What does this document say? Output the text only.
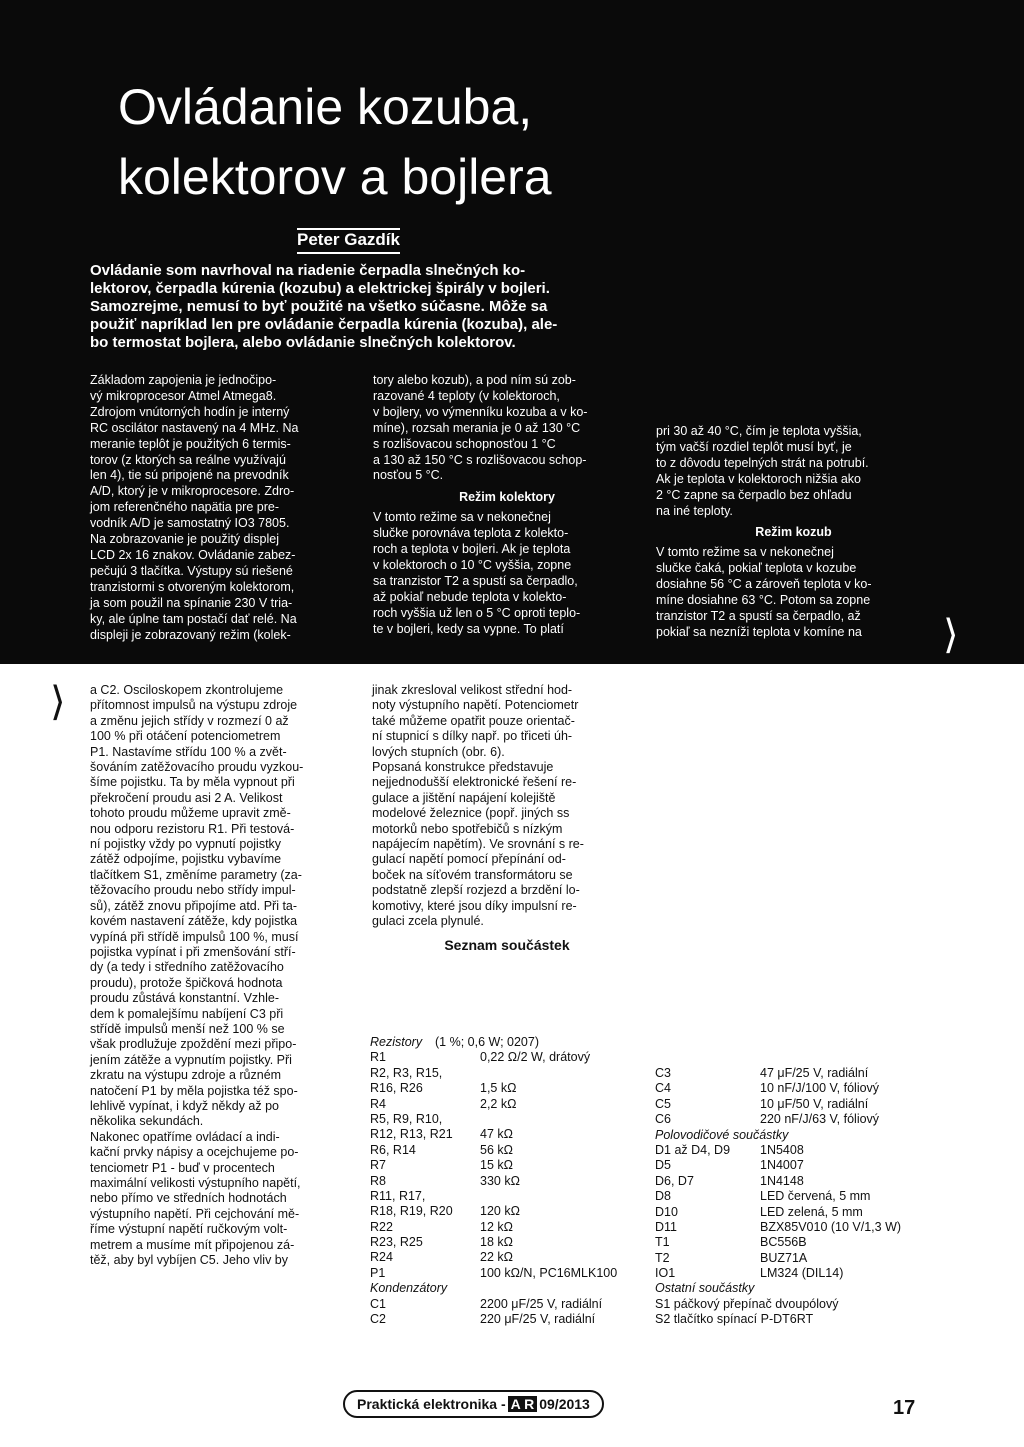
Ovládanie kozuba,
kolektorov a bojlera
Peter Gazdík
Ovládanie som navrhoval na riadenie čerpadla slnečných ko-
lektorov, čerpadla kúrenia (kozubu) a elektrickej špirály v bojleri.
Samozrejme, nemusí to byť použité na všetko súčasne. Môže sa
použiť napríklad len pre ovládanie čerpadla kúrenia (kozuba), ale-
bo termostat bojlera, alebo ovládanie slnečných kolektorov.
Základom zapojenia je jednočipo-
vý mikroprocesor Atmel Atmega8.
Zdrojom vnútorných hodín je interný
RC oscilátor nastavený na 4 MHz. Na
meranie teplôt je použitých 6 termis-
torov (z ktorých sa reálne využívajú
len 4), tie sú pripojené na prevodník
A/D, ktorý je v mikroprocesore. Zdro-
jom referenčného napätia pre pre-
vodník A/D je samostatný IO3 7805.
Na zobrazovanie je použitý displej
LCD 2x 16 znakov. Ovládanie zabez-
pečujú 3 tlačítka. Výstupy sú riešené
tranzistormi s otvoreným kolektorom,
ja som použil na spínanie 230 V tria-
ky, ale úplne tam postačí dať relé. Na
displeji je zobrazovaný režim (kolek-
tory alebo kozub), a pod ním sú zob-
razované 4 teploty (v kolektoroch,
v bojlery, vo výmenníku kozuba a v ko-
míne), rozsah merania je 0 až 130 °C
s rozlišovacou schopnosťou 1 °C
a 130 až 150 °C s rozlišovacou schop-
nosťou 5 °C.
Režim kolektory
V tomto režime sa v nekonečnej
slučke porovnáva teplota z kolekto-
roch a teplota v bojleri. Ak je teplota
v kolektoroch o 10 °C vyššia, zopne
sa tranzistor T2 a spustí sa čerpadlo,
až pokiaľ nebude teplota v kolekto-
roch vyššia už len o 5 °C oproti teplo-
te v bojleri, kedy sa vypne. To platí
pri 30 až 40 °C, čím je teplota vyššia,
tým vačší rozdiel teplôt musí byť, je
to z dôvodu tepelných strát na potrubí.
Ak je teplota v kolektoroch nižšia ako
2 °C zapne sa čerpadlo bez ohľadu
na iné teploty.
Režim kozub
V tomto režime sa v nekonečnej
slučke čaká, pokiaľ teplota v kozube
dosiahne 56 °C a zároveň teplota v ko-
míne dosiahne 63 °C. Potom sa zopne
tranzistor T2 a spustí sa čerpadlo, až
pokiaľ sa nezníži teplota v komíne na	⟩
⟩ a C2. Osciloskopem zkontrolujeme
přítomnost impulsů na výstupu zdroje
a změnu jejich střídy v rozmezí 0 až
100 % při otáčení potenciometrem
P1. Nastavíme střídu 100 % a zvět-
šováním zatěžovacího proudu vyzkou-
šíme pojistku. Ta by měla vypnout při
překročení proudu asi 2 A. Velikost
tohoto proudu můžeme upravit změ-
nou odporu rezistoru R1. Při testová-
ní pojistky vždy po vypnutí pojistky
zátěž odpojíme, pojistku vybavíme
tlačítkem S1, změníme parametry (za-
těžovacího proudu nebo střídy impul-
sů), zátěž znovu připojíme atd. Při ta-
kovém nastavení zátěže, kdy pojistka
vypíná při střídě impulsů 100 %, musí
pojistka vypínat i při zmenšování stří-
dy (a tedy i středního zatěžovacího
proudu), protože špičková hodnota
proudu zůstává konstantní. Vzhle-
dem k pomalejšímu nabíjení C3 při
střídě impulsů menší než 100 % se
však prodlužuje zpoždění mezi připo-
jením zátěže a vypnutím pojistky. Při
zkratu na výstupu zdroje a různém
natočení P1 by měla pojistka též spo-
lehlivě vypínat, i když někdy až po
několika sekundách.
Nakonec opatříme ovládací a indi-
kační prvky nápisy a ocejchujeme po-
tenciometr P1 - buď v procentech
maximální velikosti výstupního napětí,
nebo přímo ve středních hodnotách
výstupního napětí. Při cejchování mě-
říme výstupní napětí ručkovým volt-
metrem a musíme mít připojenou zá-
těž, aby byl vybíjen C5. Jeho vliv by
jinak zkresloval velikost střední hod-
noty výstupního napětí. Potenciometr
také můžeme opatřit pouze orientač-
ní stupnicí s dílky např. po třiceti úh-
lových stupních (obr. 6).
Popsaná konstrukce představuje
nejjednodušší elektronické řešení re-
gulace a jištění napájení kolejiště
modelové železnice (popř. jiných ss
motorků nebo spotřebičů s nízkým
napájecím napětím). Ve srovnání s re-
gulací napětí pomocí přepínání od-
boček na síťovém transformátoru se
podstatně zlepší rozjezd a brzdění lo-
komotivy, které jsou díky impulsní re-
gulaci zcela plynulé.
Seznam součástek
Rezistory (1 %; 0,6 W; 0207)
R1	0,22 Ω/2 W, drátový
R2, R3, R15,
R16, R26	1,5 kΩ
R4	2,2 kΩ
R5, R9, R10,
R12, R13, R21 47 kΩ
R6, R14	56 kΩ
R7	15 kΩ
R8	330 kΩ
R11, R17,
R18, R19, R20 120 kΩ
R22	12 kΩ
R23, R25	18 kΩ
R24	22 kΩ
P1	100 kΩ/N, PC16MLK100
Kondenzátory
C1	2200 μF/25 V, radiální
C2	220 μF/25 V, radiální
C3	47 μF/25 V, radiální
C4	10 nF/J/100 V, fóliový
C5	10 μF/50 V, radiální
C6	220 nF/J/63 V, fóliový
Polovodičové součástky
D1 až D4, D9 1N5408
D5	1N4007
D6, D7	1N4148
D8	LED červená, 5 mm
D10	LED zelená, 5 mm
D11	BZX85V010 (10 V/1,3 W)
T1	BC556B
T2	BUZ71A
IO1	LM324 (DIL14)
Ostatní součástky
S1 páčkový přepínač dvoupólový
S2 tlačítko spínací P-DT6RT
Praktická elektronika - A R 09/2013	17
